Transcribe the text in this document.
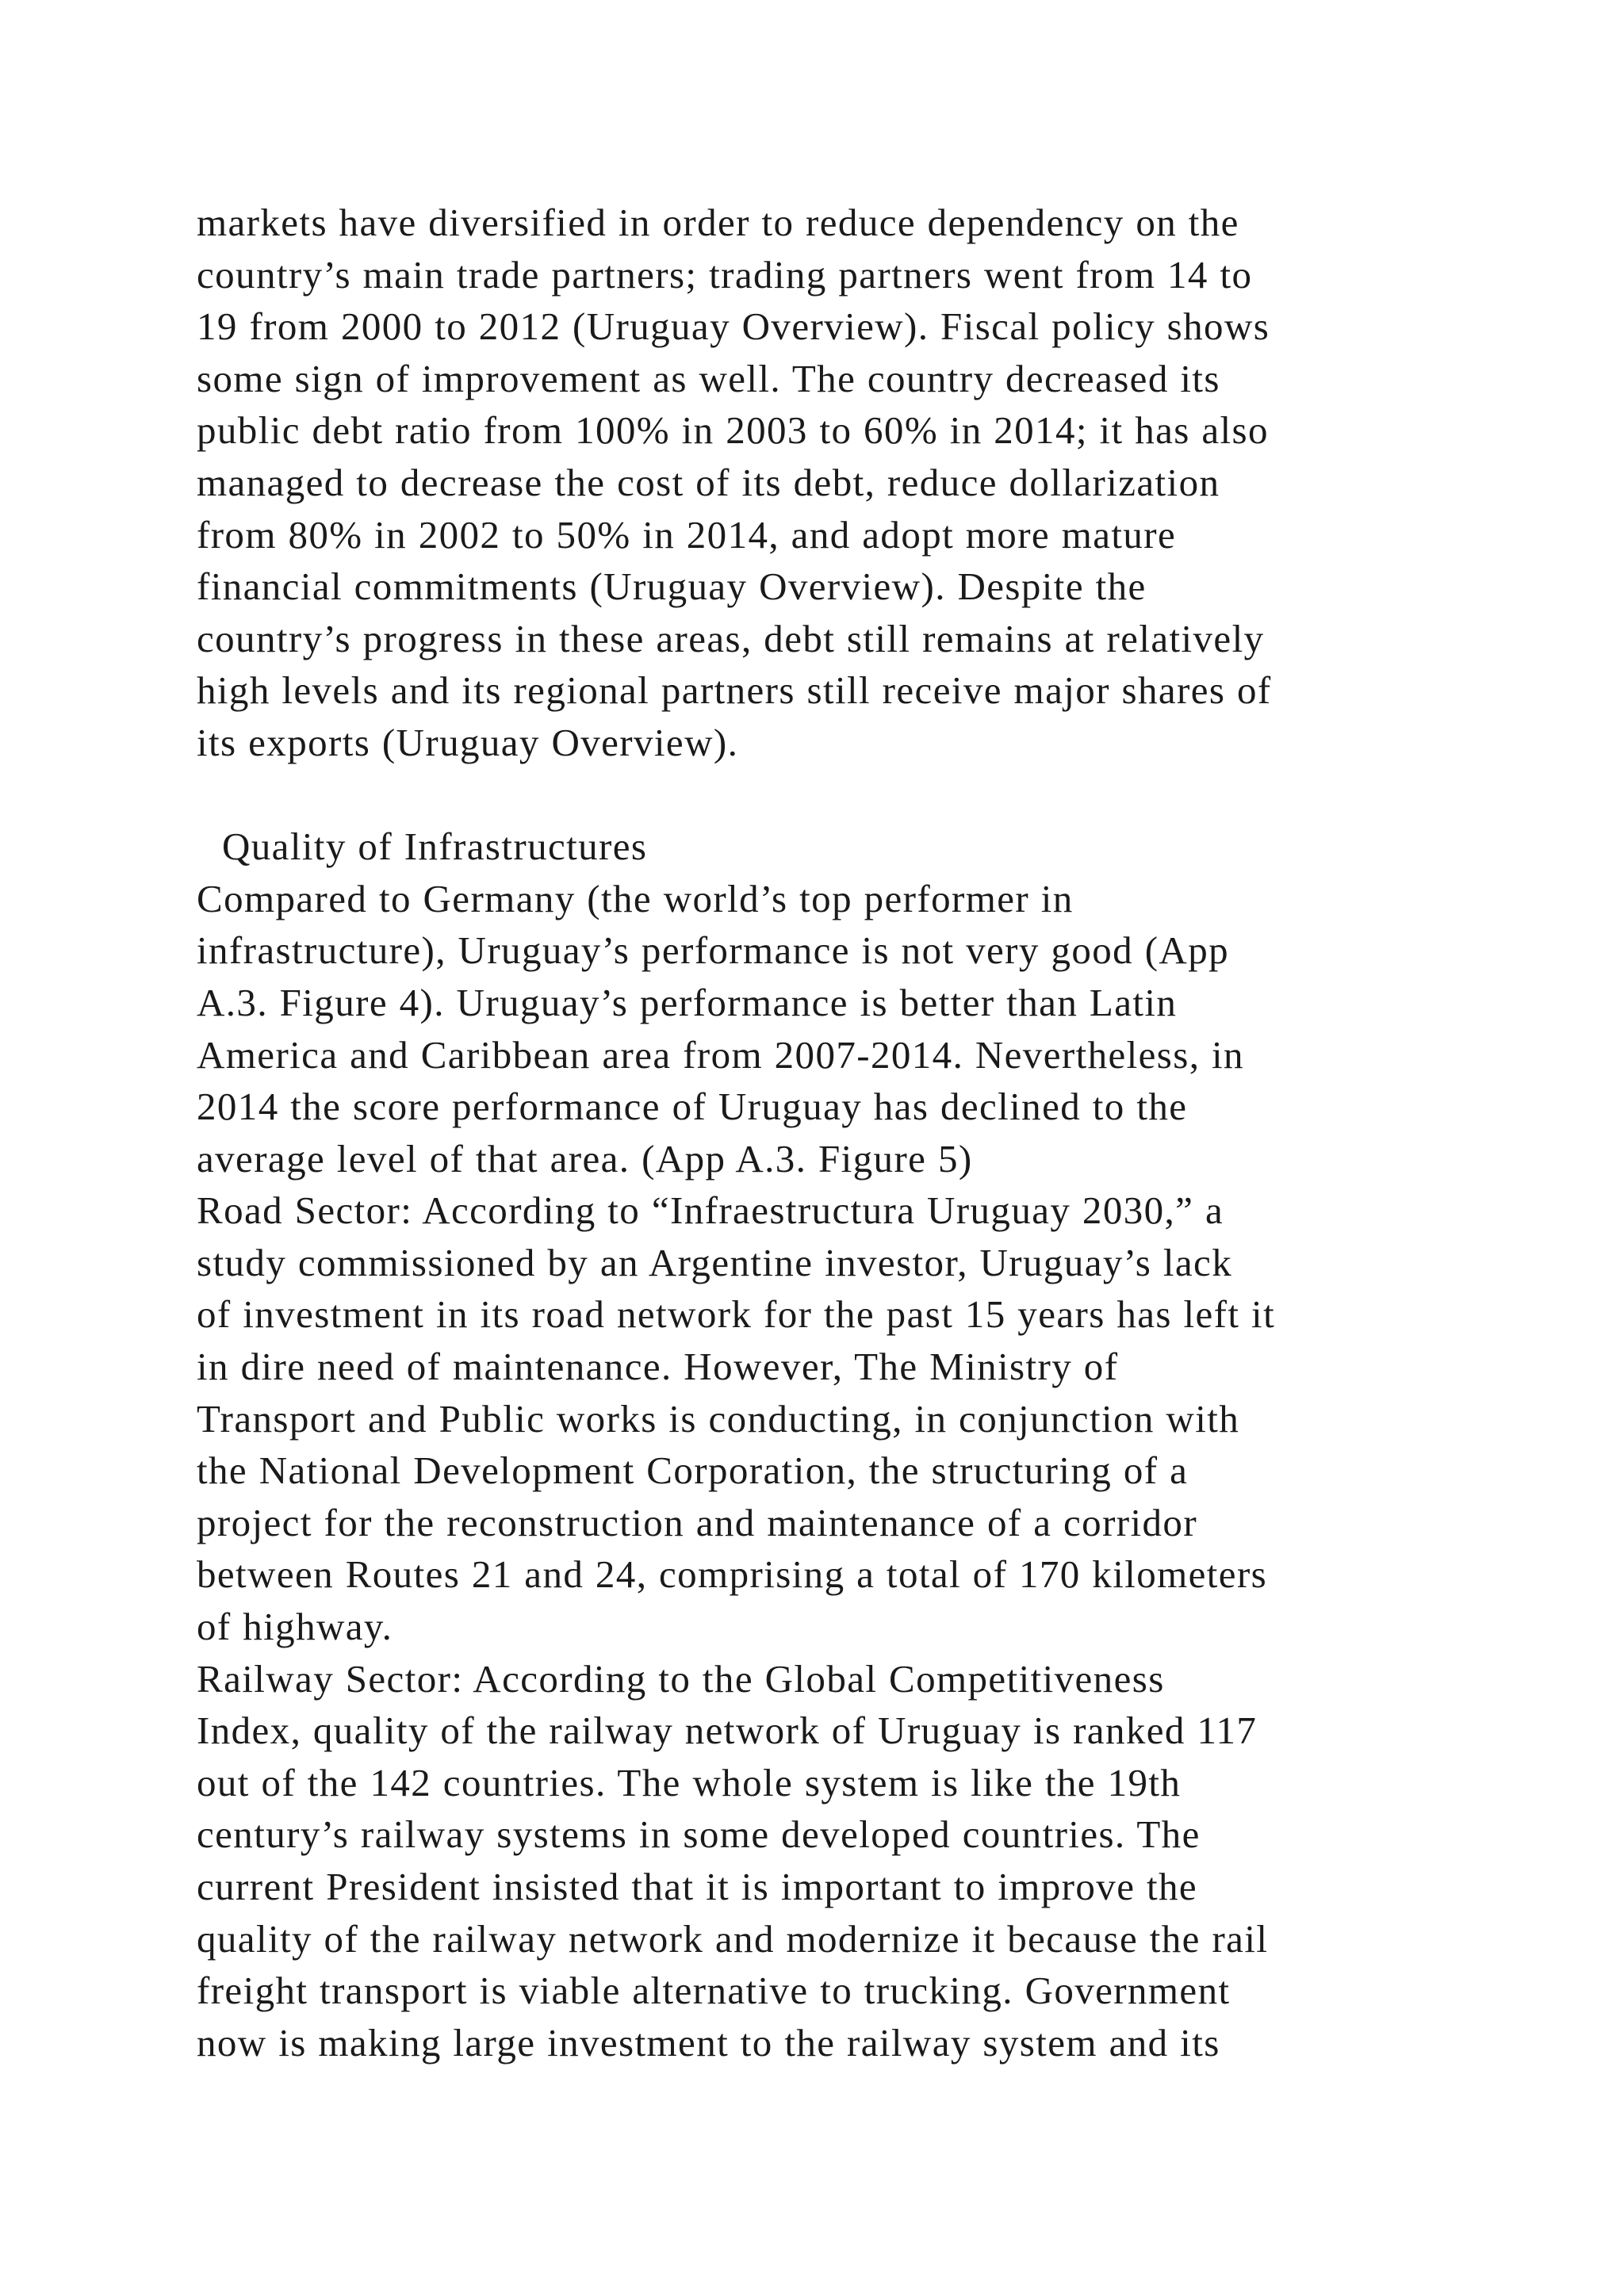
markets have diversified in order to reduce dependency on the
country’s main trade partners; trading partners went from 14 to
19 from 2000 to 2012 (Uruguay Overview). Fiscal policy shows
some sign of improvement as well. The country decreased its
public debt ratio from 100% in 2003 to 60% in 2014; it has also
managed to decrease the cost of its debt, reduce dollarization
from 80% in 2002 to 50% in 2014, and adopt more mature
financial commitments (Uruguay Overview). Despite the
country’s progress in these areas, debt still remains at relatively
high levels and its regional partners still receive major shares of
its exports (Uruguay Overview).
Quality of Infrastructures
Compared to Germany (the world’s top performer in
infrastructure), Uruguay’s performance is not very good (App
A.3. Figure 4). Uruguay’s performance is better than Latin
America and Caribbean area from 2007-2014. Nevertheless, in
2014 the score performance of Uruguay has declined to the
average level of that area. (App A.3. Figure 5)
Road Sector: According to “Infraestructura Uruguay 2030,” a
study commissioned by an Argentine investor, Uruguay’s lack
of investment in its road network for the past 15 years has left it
in dire need of maintenance. However, The Ministry of
Transport and Public works is conducting, in conjunction with
the National Development Corporation, the structuring of a
project for the reconstruction and maintenance of a corridor
between Routes 21 and 24, comprising a total of 170 kilometers
of highway.
Railway Sector: According to the Global Competitiveness
Index, quality of the railway network of Uruguay is ranked 117
out of the 142 countries. The whole system is like the 19th
century’s railway systems in some developed countries. The
current President insisted that it is important to improve the
quality of the railway network and modernize it because the rail
freight transport is viable alternative to trucking. Government
now is making large investment to the railway system and its
